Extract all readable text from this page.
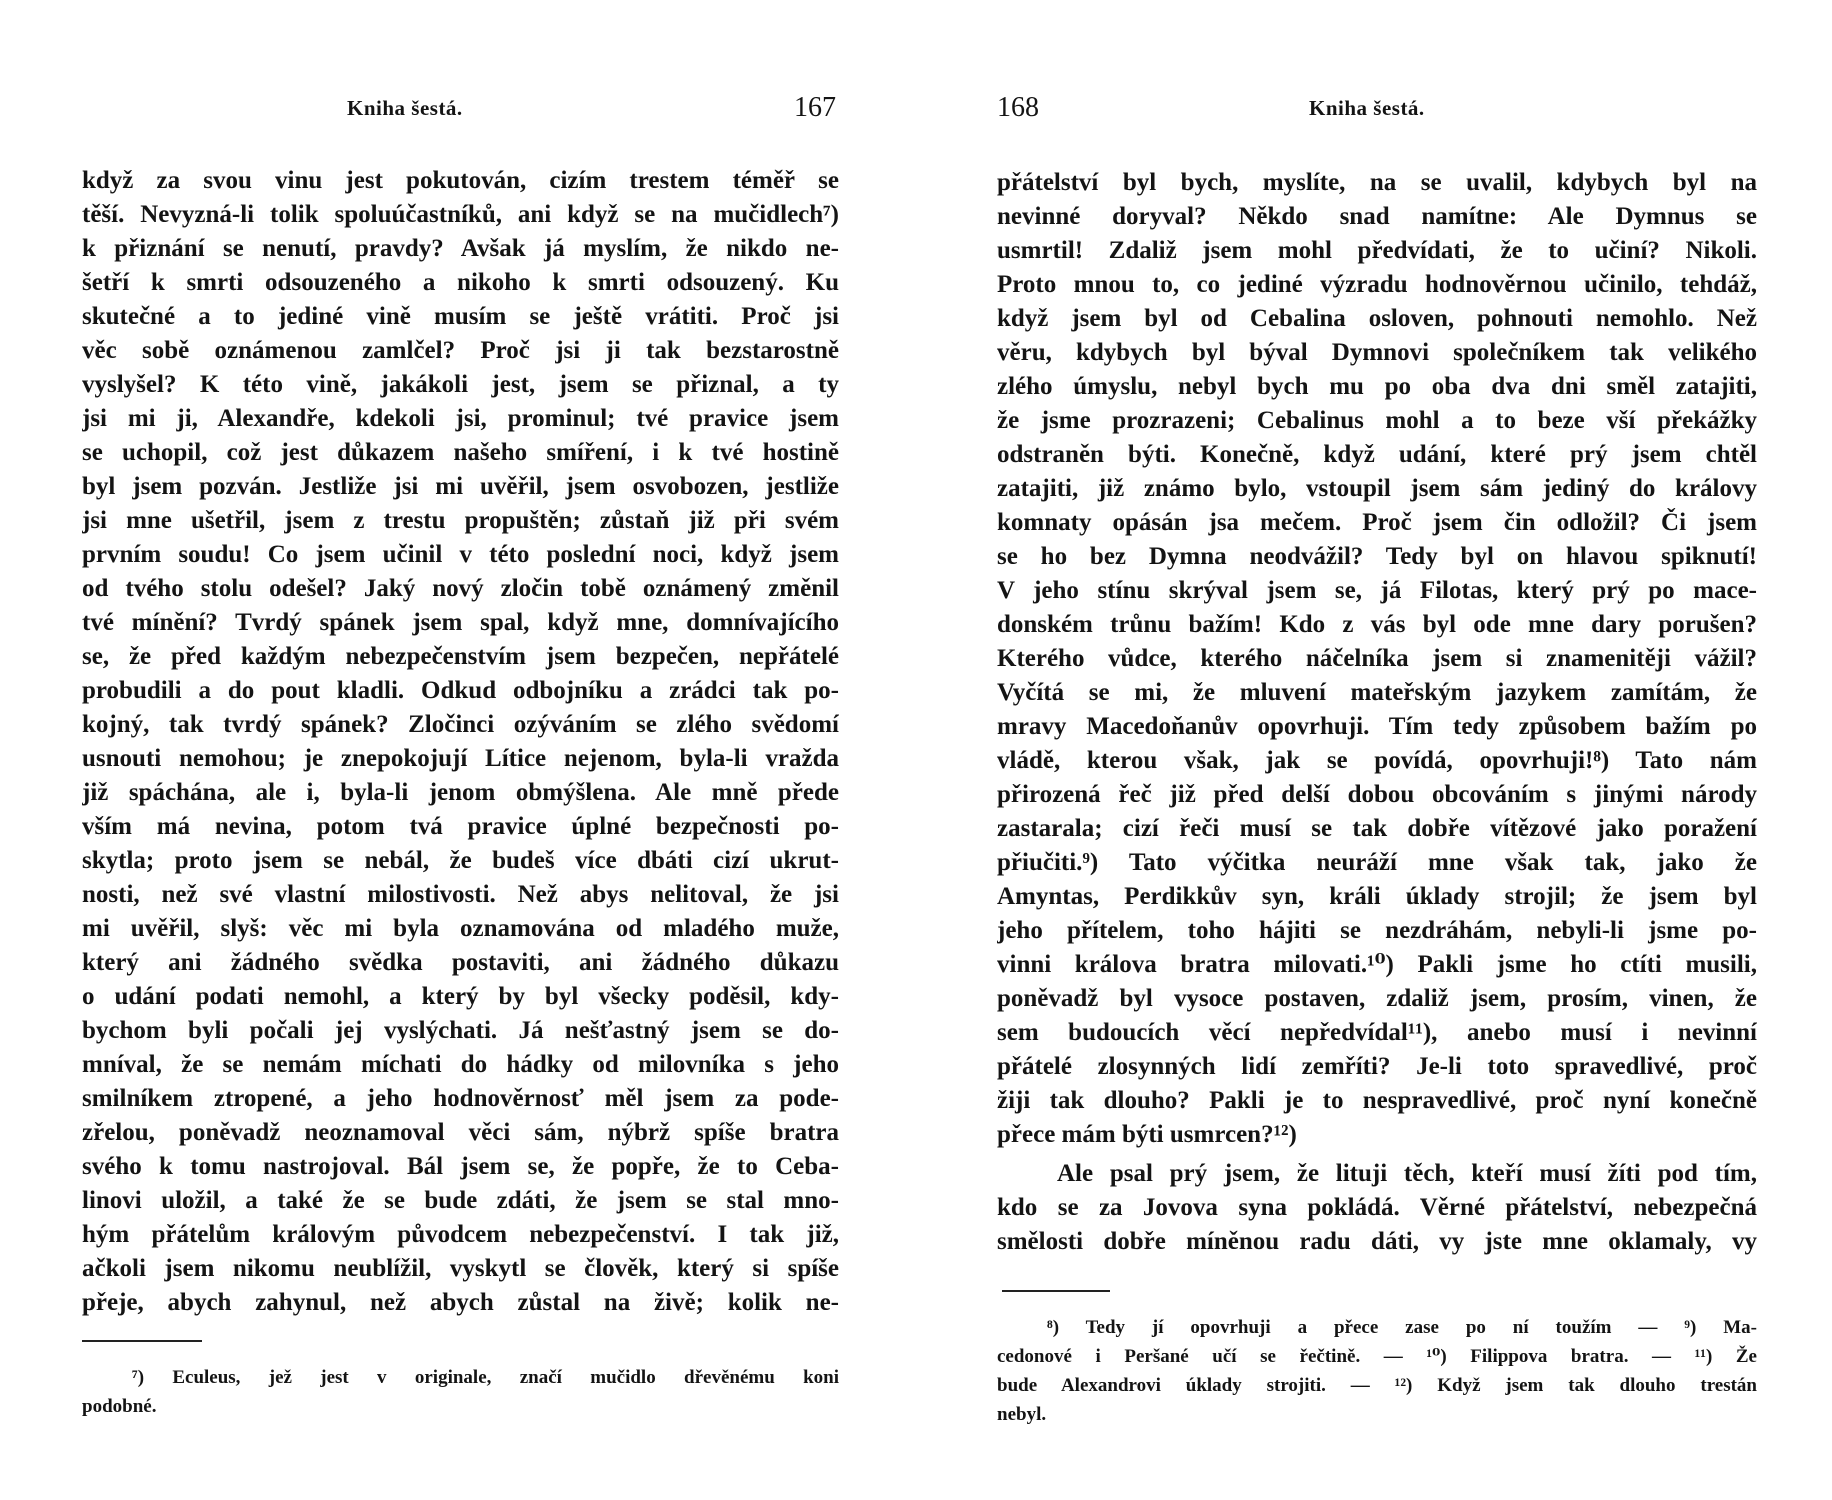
Kniha šestá.	167
když za svou vinu jest pokutován, cizím trestem téměř se
těší. Nevyzná-li tolik spoluúčastníků, ani když se na mučidlech⁷)
k přiznání se nenutí, pravdy? Avšak já myslím, že nikdo ne-
šetří k smrti odsouzeného a nikoho k smrti odsouzený. Ku
skutečné a to jediné vině musím se ještě vrátiti. Proč jsi
věc sobě oznámenou zamlčel? Proč jsi ji tak bezstarostně
vyslyšel? K této vině, jakákoli jest, jsem se přiznal, a ty
jsi mi ji, Alexandře, kdekoli jsi, prominul; tvé pravice jsem
se uchopil, což jest důkazem našeho smíření, i k tvé hostině
byl jsem pozván. Jestliže jsi mi uvěřil, jsem osvobozen, jestliže
jsi mne ušetřil, jsem z trestu propuštěn; zůstaň již při svém
prvním soudu! Co jsem učinil v této poslední noci, když jsem
od tvého stolu odešel? Jaký nový zločin tobě oznámený změnil
tvé mínění? Tvrdý spánek jsem spal, když mne, domnívajícího
se, že před každým nebezpečenstvím jsem bezpečen, nepřátelé
probudili a do pout kladli. Odkud odbojníku a zrádci tak po-
kojný, tak tvrdý spánek? Zločinci ozýváním se zlého svědomí
usnouti nemohou; je znepokojují Lítice nejenom, byla-li vražda
již spáchána, ale i, byla-li jenom obmýšlena. Ale mně přede
vším má nevina, potom tvá pravice úplné bezpečnosti po-
skytla; proto jsem se nebál, že budeš více dbáti cizí ukrut-
nosti, než své vlastní milostivosti. Než abys nelitoval, že jsi
mi uvěřil, slyš: věc mi byla oznamována od mladého muže,
který ani žádného svědka postaviti, ani žádného důkazu
o udání podati nemohl, a který by byl všecky poděsil, kdy-
bychom byli počali jej vyslýchati. Já nešťastný jsem se do-
mníval, že se nemám míchati do hádky od milovníka s jeho
smilníkem ztropené, a jeho hodnověrnosť měl jsem za pode-
zřelou, poněvadž neoznamoval věci sám, nýbrž spíše bratra
svého k tomu nastrojoval. Bál jsem se, že popře, že to Ceba-
linovi uložil, a také že se bude zdáti, že jsem se stal mno-
hým přátelům královým původcem nebezpečenství. I tak již,
ačkoli jsem nikomu neublížil, vyskytl se člověk, který si spíše
přeje, abych zahynul, než abych zůstal na živě; kolik ne-
⁷) Eculeus, jež jest v originale, značí mučidlo dřevěnému koni
podobné.
168	Kniha šestá.
přátelství byl bych, myslíte, na se uvalil, kdybych byl na
nevinné doryval? Někdo snad namítne: Ale Dymnus se
usmrtil! Zdaliž jsem mohl předvídati, že to učiní? Nikoli.
Proto mnou to, co jediné výzradu hodnověrnou učinilo, tehdáž,
když jsem byl od Cebalina osloven, pohnouti nemohlo. Než
věru, kdybych byl býval Dymnovi společníkem tak velikého
zlého úmyslu, nebyl bych mu po oba dva dni směl zatajiti,
že jsme prozrazeni; Cebalinus mohl a to beze vší překážky
odstraněn býti. Konečně, když udání, které prý jsem chtěl
zatajiti, již známo bylo, vstoupil jsem sám jediný do královy
komnaty opásán jsa mečem. Proč jsem čin odložil? Či jsem
se ho bez Dymna neodvážil? Tedy byl on hlavou spiknutí!
V jeho stínu skrýval jsem se, já Filotas, který prý po mace-
donském trůnu bažím! Kdo z vás byl ode mne dary porušen?
Kterého vůdce, kterého náčelníka jsem si znamenitěji vážil?
Vyčítá se mi, že mluvení mateřským jazykem zamítám, že
mravy Macedoňanův opovrhuji. Tím tedy způsobem bažím po
vládě, kterou však, jak se povídá, opovrhuji!⁸) Tato nám
přirozená řeč již před delší dobou obcováním s jinými národy
zastarala; cizí řeči musí se tak dobře vítězové jako poražení
přiučiti.⁹) Tato výčitka neuráží mne však tak, jako že
Amyntas, Perdikkův syn, králi úklady strojil; že jsem byl
jeho přítelem, toho hájiti se nezdráhám, nebyli-li jsme po-
vinni králova bratra milovati.¹⁰) Pakli jsme ho ctíti musili,
poněvadž byl vysoce postaven, zdaliž jsem, prosím, vinen, že
sem budoucích věcí nepředvídal¹¹), anebo musí i nevinní
přátelé zlosynných lidí zemříti? Je-li toto spravedlivé, proč
žiji tak dlouho? Pakli je to nespravedlivé, proč nyní konečně
přece mám býti usmrcen?¹²)
Ale psal prý jsem, že lituji těch, kteří musí žíti pod tím,
kdo se za Jovova syna pokládá. Věrné přátelství, nebezpečná
smělosti dobře míněnou radu dáti, vy jste mne oklamaly, vy
⁸) Tedy jí opovrhuji a přece zase po ní toužím — ⁹) Ma-
cedonové i Peršané učí se řečtině. — ¹⁰) Filippova bratra. — ¹¹) Že
bude Alexandrovi úklady strojiti. — ¹²) Když jsem tak dlouho trestán
nebyl.
